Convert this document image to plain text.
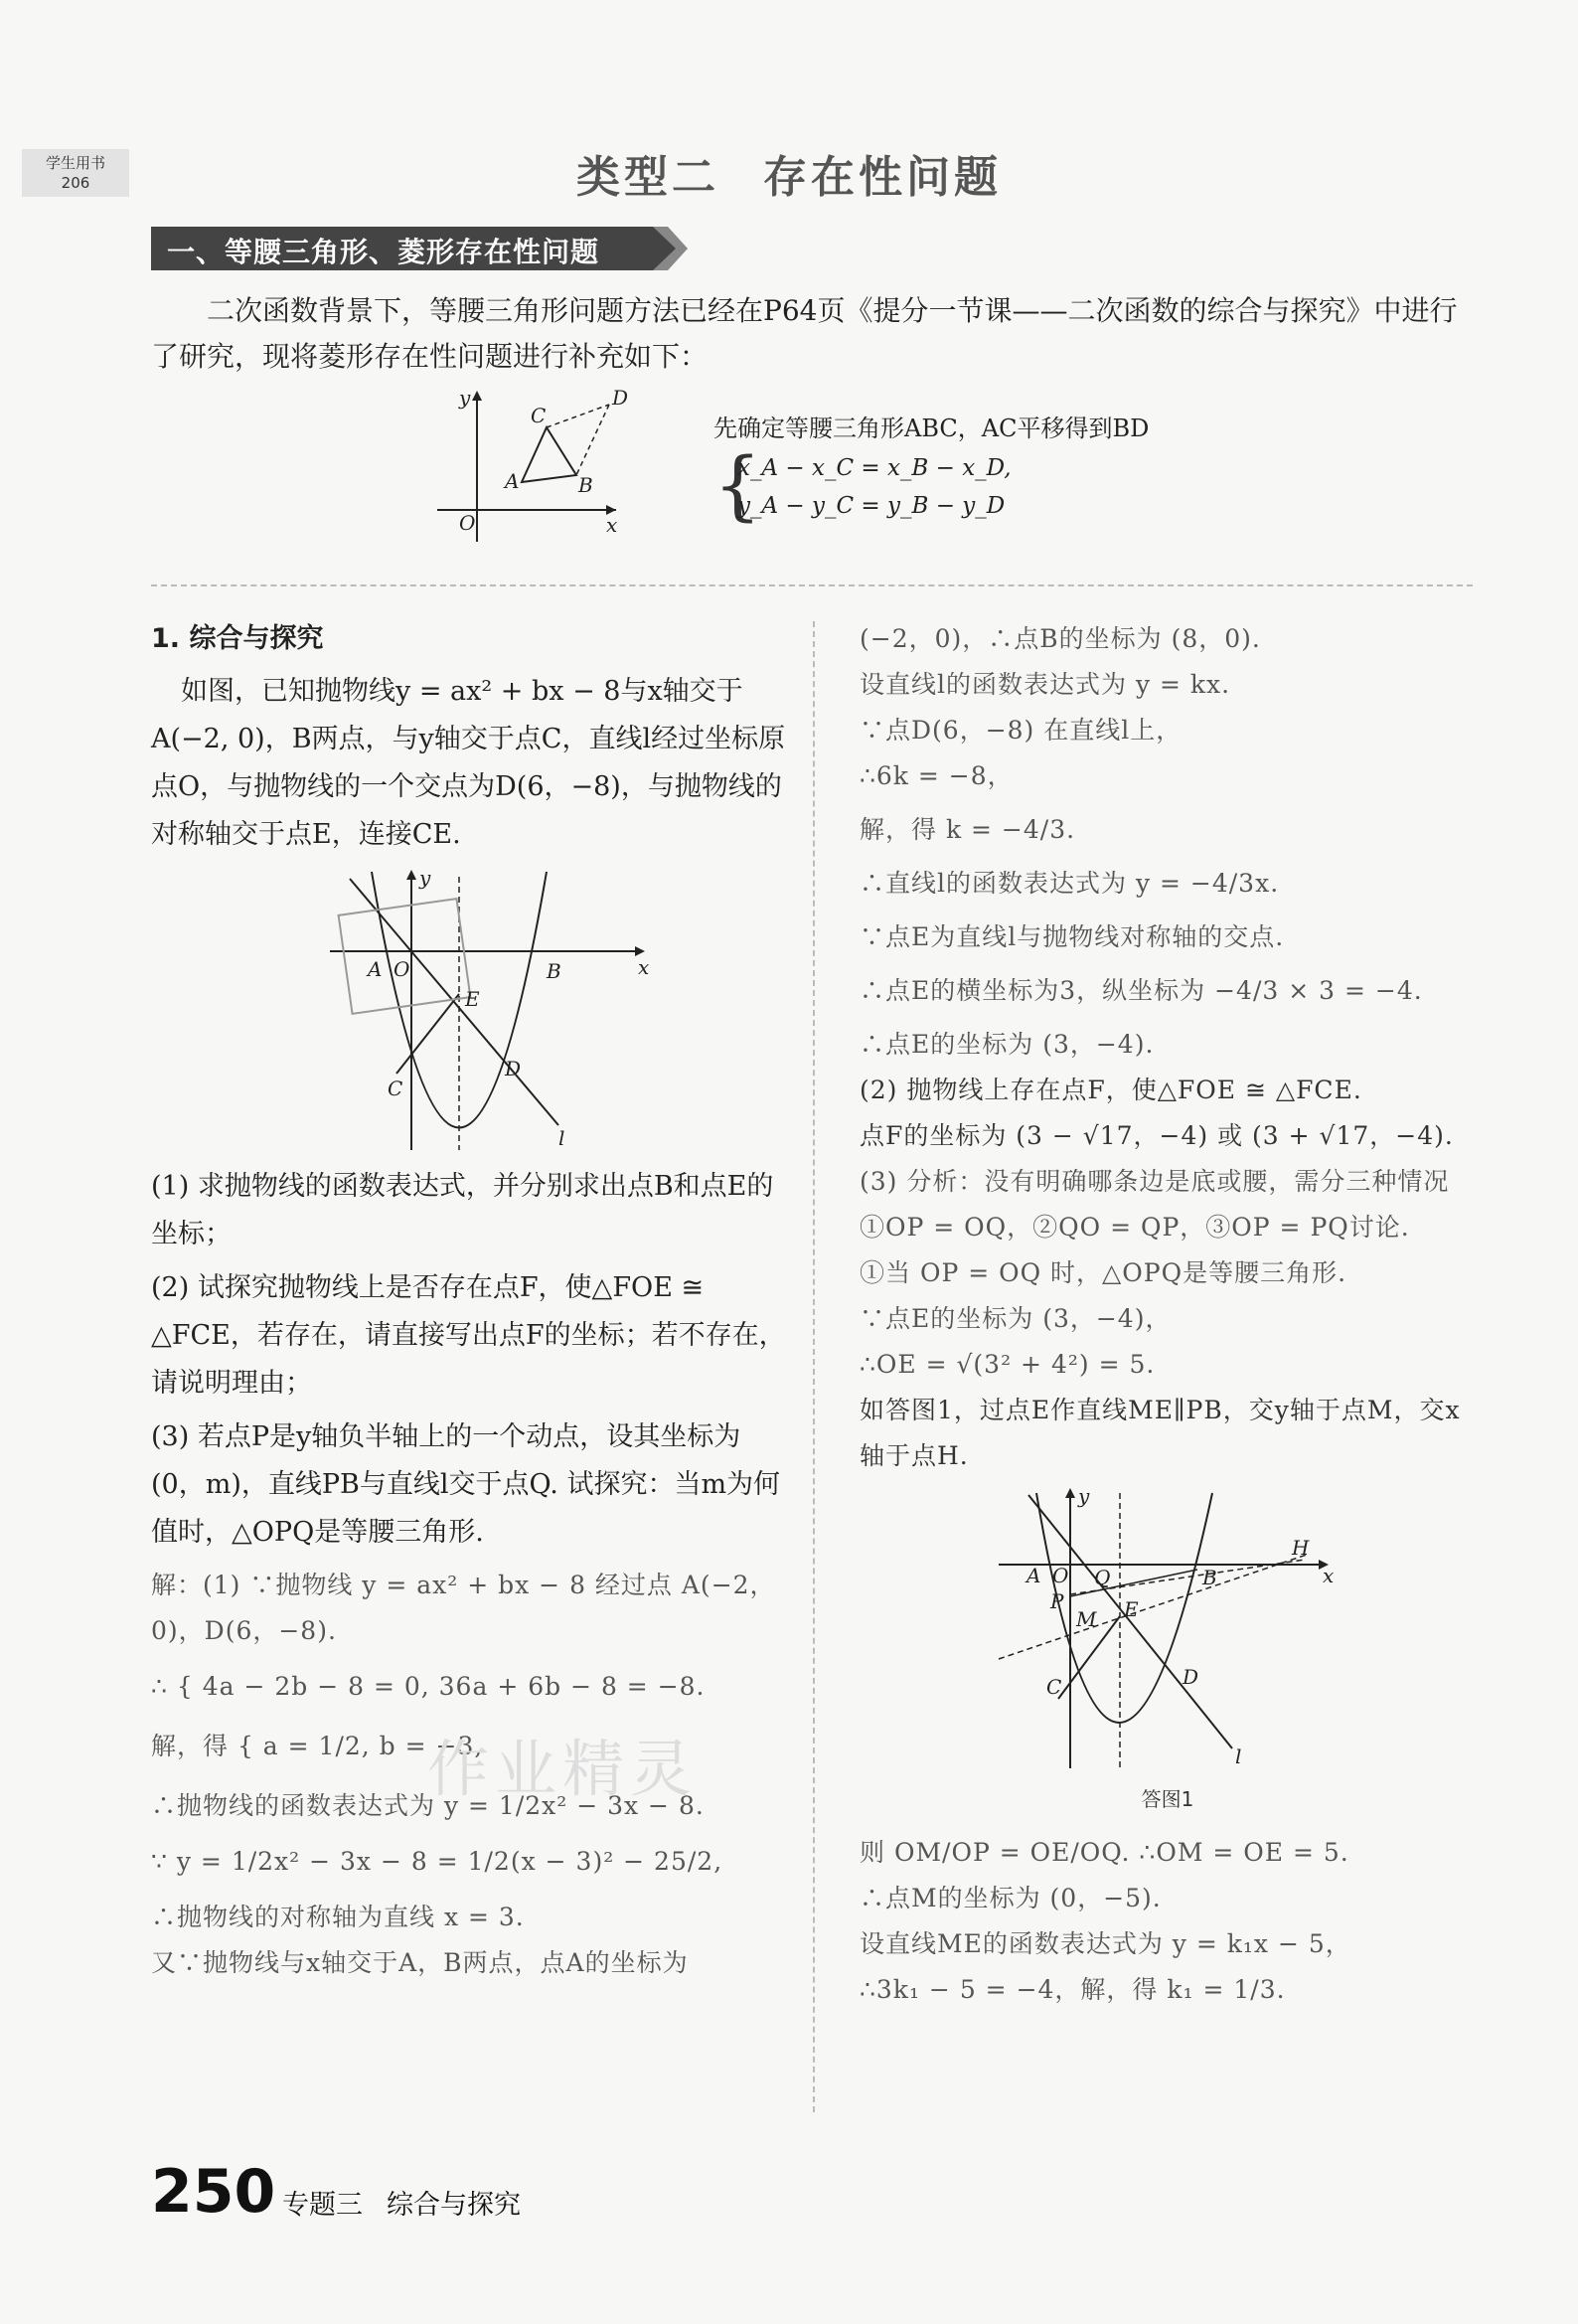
学生用书
206	类型二 存在性问题
一、等腰三角形、菱形存在性问题

二次函数背景下，等腰三角形问题方法已经在P64页《提分一节课——二次函数的综合与探究》中进行了研究，现将菱形存在性问题进行补充如下：

y
x
O
A	B
C
D
先确定等腰三角形ABC，AC平移得到BD
{
x_A − x_C = x_B − x_D,
y_A − y_C = y_B − y_D
1. 综合与探究

如图，已知抛物线y = ax² + bx − 8与x轴交于A(−2, 0)，B两点，与y轴交于点C，直线l经过坐标原点O，与抛物线的一个交点为D(6，−8)，与抛物线的对称轴交于点E，连接CE.

y
x
A O	B
E
C
D
l

(1) 求抛物线的函数表达式，并分别求出点B和点E的坐标；

(2) 试探究抛物线上是否存在点F，使△FOE ≅ △FCE，若存在，请直接写出点F的坐标；若不存在，请说明理由；

(3) 若点P是y轴负半轴上的一个动点，设其坐标为 (0，m)，直线PB与直线l交于点Q. 试探究：当m为何值时，△OPQ是等腰三角形.

解：(1) ∵抛物线 y = ax² + bx − 8 经过点 A(−2，0)，D(6，−8).

∴ { 4a − 2b − 8 = 0, 36a + 6b − 8 = −8.

解，得 { a = 1/2, b = −3,

∴抛物线的函数表达式为 y = 1/2x² − 3x − 8.

∵ y = 1/2x² − 3x − 8 = 1/2(x − 3)² − 25/2,

∴抛物线的对称轴为直线 x = 3.

又∵抛物线与x轴交于A，B两点，点A的坐标为

作业精灵

(−2，0)，∴点B的坐标为 (8，0).

设直线l的函数表达式为 y = kx.

∵点D(6，−8) 在直线l上，

∴6k = −8，

解，得 k = −4/3.

∴直线l的函数表达式为 y = −4/3x.

∵点E为直线l与抛物线对称轴的交点.

∴点E的横坐标为3，纵坐标为 −4/3 × 3 = −4.

∴点E的坐标为 (3，−4).

(2) 抛物线上存在点F，使△FOE ≅ △FCE.

点F的坐标为 (3 − √17，−4) 或 (3 + √17，−4).

(3) 分析：没有明确哪条边是底或腰，需分三种情况①OP = OQ，②QO = QP，③OP = PQ讨论.

①当 OP = OQ 时，△OPQ是等腰三角形.

∵点E的坐标为 (3，−4)，

∴OE = √(3² + 4²) = 5.

如答图1，过点E作直线ME∥PB，交y轴于点M，交x轴于点H.

y
x
A O Q	B
H
P
M E
C	D
l
答图1

则 OM/OP = OE/OQ. ∴OM = OE = 5.

∴点M的坐标为 (0，−5).

设直线ME的函数表达式为 y = k₁x − 5，

∴3k₁ − 5 = −4，解，得 k₁ = 1/3.

250 专题三 综合与探究
